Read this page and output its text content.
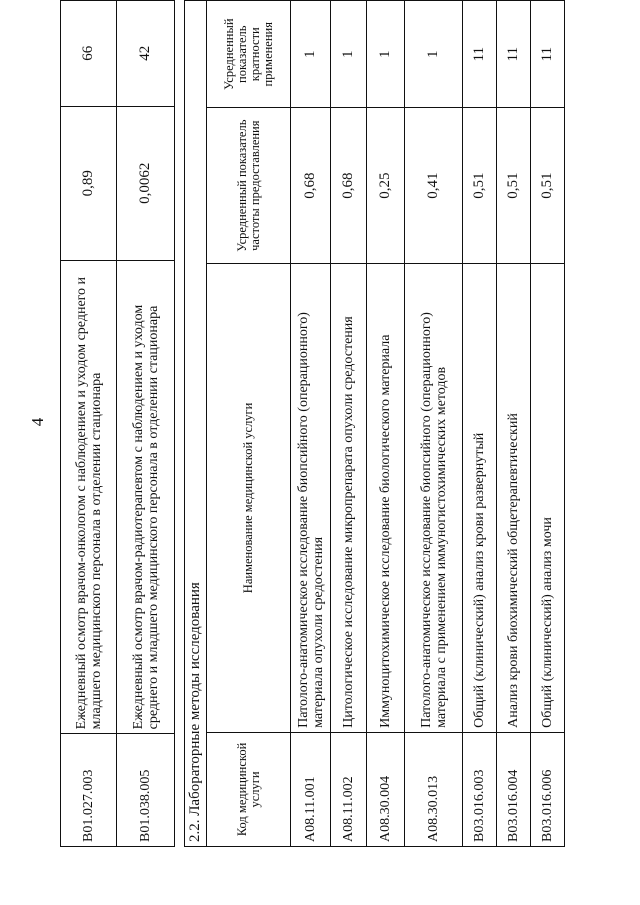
4
B01.027.003	Ежедневный осмотр врачом-онкологом с наблюдением и уходом среднего и младшего медицинского персонала в отделении стационара	0,89	66
B01.038.005	Ежедневный осмотр врачом-радиотерапевтом с наблюдением и уходом среднего и младшего медицинского персонала в отделении стационара	0,0062	42
2.2. Лабораторные методы исследования			
Код медицинской услуги	Наименование медицинской услуги	Усредненный показатель частоты предоставления	Усредненный показатель кратности применения
A08.11.001	Патолого-анатомическое исследование биопсийного (операционного) материала опухоли средостения	0,68	1
A08.11.002	Цитологическое исследование микропрепарата опухоли средостения	0,68	1
A08.30.004	Иммуноцитохимическое исследование биологического материала	0,25	1
A08.30.013	Патолого-анатомическое исследование биопсийного (операционного) материала с применением иммуногистохимических методов	0,41	1
B03.016.003	Общий (клинический) анализ крови развернутый	0,51	11
B03.016.004	Анализ крови биохимический общетерапевтический	0,51	11
B03.016.006	Общий (клинический) анализ мочи	0,51	11
